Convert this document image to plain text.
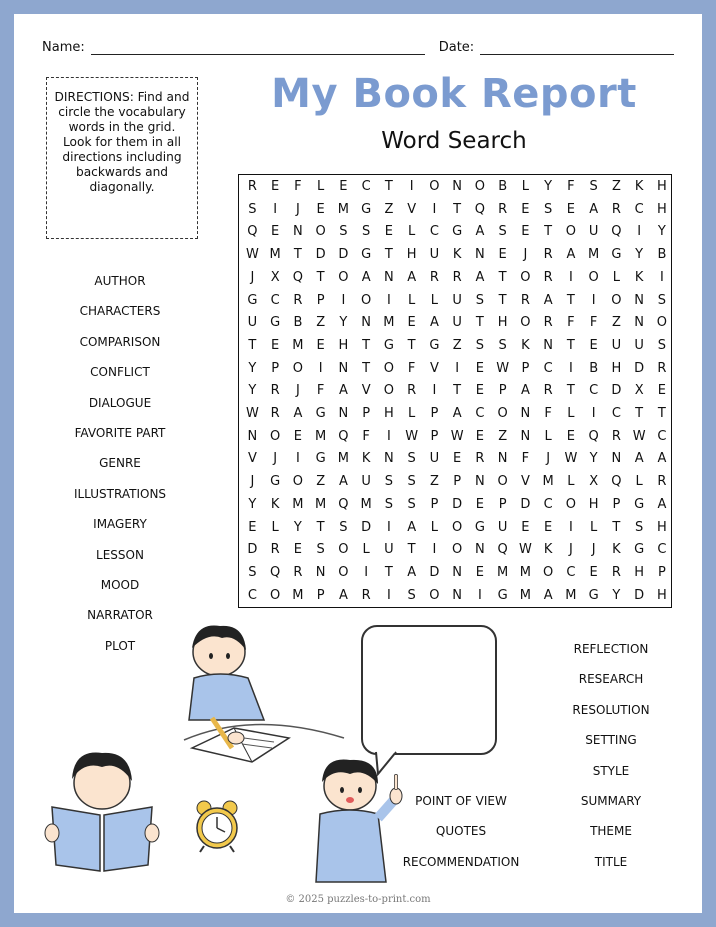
Name:	Date:
DIRECTIONS: Find and circle the vocabulary words in the grid. Look for them in all directions including backwards and diagonally.
My Book Report
Word Search
R	E	F	L	E	C	T	I	O N O	B	L	Y	F	S	Z	K	H
S	I	J	E	M G	Z	V	I	T	Q	R	E	S	E	A	R	C	H
Q	E	N O	S	S	E	L	C	G	A	S	E	T	O U Q	I	Y
W M	T	D D G	T	H	U	K	N	E	J	R	A M G	Y	B
J	X	Q	T	O	A	N	A	R	R	A	T	O	R	I	O	L	K	I
G	C	R	P	I	O	I	L	L	U	S	T	R	A	T	I	O N	S
U G	B	Z	Y	N M	E	A	U	T	H O	R	F	F	Z	N O
T	E	M	E	H	T	G	T	G	Z	S	S	K	N	T	E	U	U	S
Y	P	O	I	N	T	O	F	V	I	E W P	C	I	B	H D	R
Y	R	J	F	A	V	O	R	I	T	E	P	A	R	T	C	D	X	E
W R	A	G N	P	H	L	P	A	C	O N	F	L	I	C	T	T
N O	E	M Q	F	I	W P W E	Z	N	L	E	Q	R W C
V	J	I	G M K	N	S	U	E	R	N	F	J	W Y	N	A	A
J	G O	Z	A	U	S	S	Z	P	N O	V M	L	X	Q	L	R
Y	K M M Q M	S	S	P	D	E	P	D	C	O H	P	G	A
E	L	Y	T	S	D	I	A	L	O G U	E	E	I	L	T	S	H
D	R	E	S	O	L	U	T	I	O N Q W K	J	J	K	G	C
S	Q	R	N O	I	T	A	D N	E	M M O	C	E	R	H	P
C	O M	P	A	R	I	S	O N	I	G M A M G	Y	D H
AUTHOR
CHARACTERS
COMPARISON
CONFLICT
DIALOGUE
FAVORITE PART
GENRE
ILLUSTRATIONS
IMAGERY
LESSON
MOOD
NARRATOR
PLOT
POINT OF VIEW
QUOTES
RECOMMENDATION
REFLECTION
RESEARCH
RESOLUTION
SETTING
STYLE
SUMMARY
THEME
TITLE
© 2025 puzzles-to-print.com
